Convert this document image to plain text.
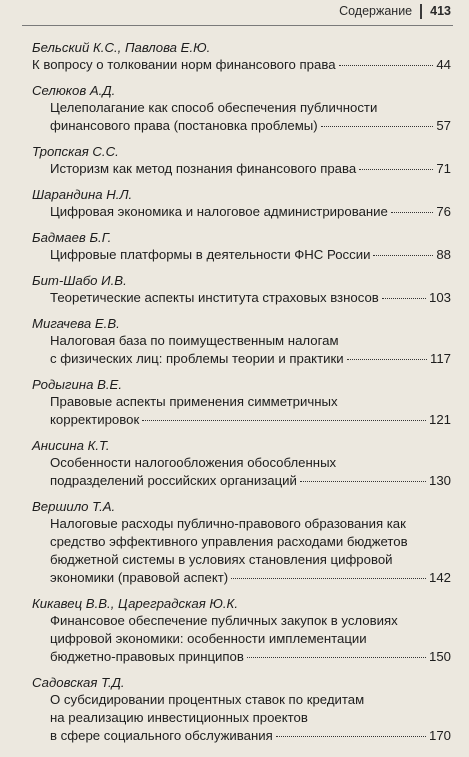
Содержание 413
Бельский К.С., Павлова Е.Ю.
К вопросу о толковании норм финансового права	44
Селюков А.Д.
Целеполагание как способ обеспечения публичности
финансового права (постановка проблемы)	57
Тропская С.С.
Историзм как метод познания финансового права	71
Шарандина Н.Л.
Цифровая экономика и налоговое администрирование	76
Бадмаев Б.Г.
Цифровые платформы в деятельности ФНС России	88
Бит-Шабо И.В.
Теоретические аспекты института страховых взносов	103
Мигачева Е.В.
Налоговая база по поимущественным налогам
с физических лиц: проблемы теории и практики	117
Родыгина В.Е.
Правовые аспекты применения симметричных
корректировок	121
Анисина К.Т.
Особенности налогообложения обособленных
подразделений российских организаций	130
Вершило Т.А.
Налоговые расходы публично-правового образования как
средство эффективного управления расходами бюджетов
бюджетной системы в условиях становления цифровой
экономики (правовой аспект)	142
Кикавец В.В., Царегрaдская Ю.К.
Финансовое обеспечение публичных закупок в условиях
цифровой экономики: особенности имплементации
бюджетно-правовых принципов	150
Садовская Т.Д.
О субсидировании процентных ставок по кредитам
на реализацию инвестиционных проектов
в сфере социального обслуживания	170
